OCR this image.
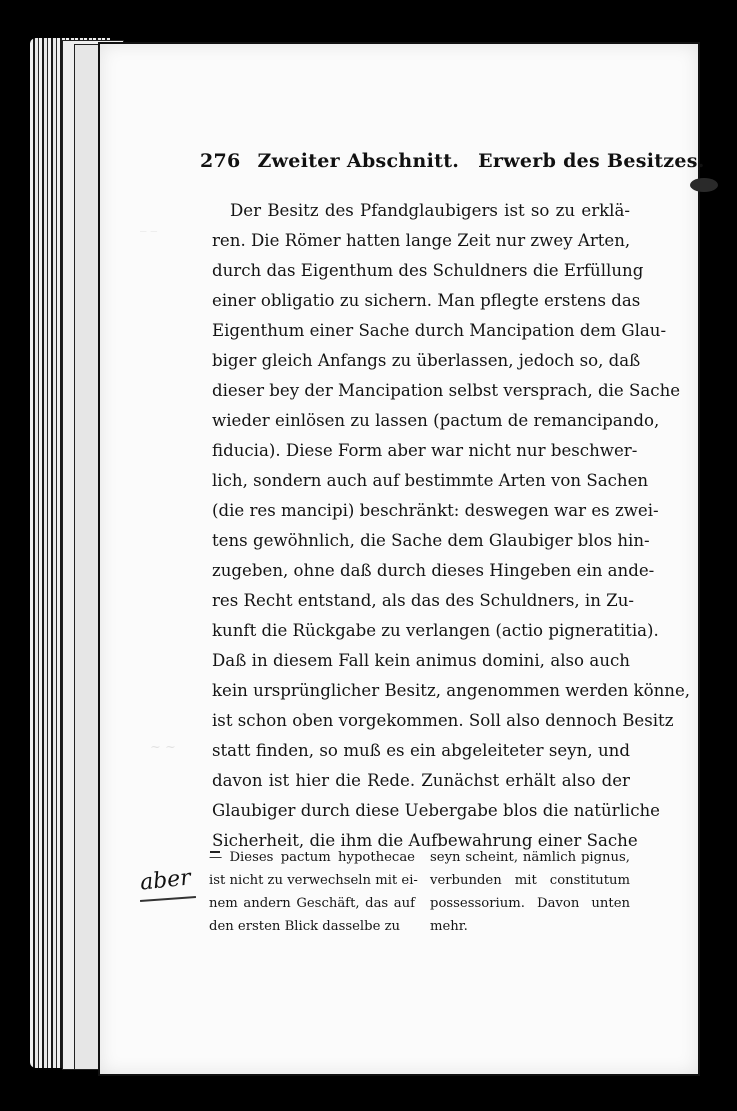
‾ ‾
~ ~
276 Zweiter Abschnitt. Erwerb des Besitzes.
Der Besitz des Pfandglaubigers ist so zu erklä-
ren. Die Römer hatten lange Zeit nur zwey Arten,
durch das Eigenthum des Schuldners die Erfüllung
einer obligatio zu sichern. Man pflegte erstens das
Eigenthum einer Sache durch Mancipation dem Glau-
biger gleich Anfangs zu überlassen, jedoch so, daß
dieser bey der Mancipation selbst versprach, die Sache
wieder einlösen zu lassen (pactum de remancipando,
fiducia). Diese Form aber war nicht nur beschwer-
lich, sondern auch auf bestimmte Arten von Sachen
(die res mancipi) beschränkt: deswegen war es zwei-
tens gewöhnlich, die Sache dem Glaubiger blos hin-
zugeben, ohne daß durch dieses Hingeben ein ande-
res Recht entstand, als das des Schuldners, in Zu-
kunft die Rückgabe zu verlangen (actio pigneratitia).
Daß in diesem Fall kein animus domini, also auch
kein ursprünglicher Besitz, angenommen werden könne,
ist schon oben vorgekommen. Soll also dennoch Besitz
statt finden, so muß es ein abgeleiteter seyn, und
davon ist hier die Rede. Zunächst erhält also der
Glaubiger durch diese Uebergabe blos die natürliche
Sicherheit, die ihm die Aufbewahrung einer Sache
— Dieses pactum hypothecae
ist nicht zu verwechseln mit ei-
nem andern Geschäft, das auf
den ersten Blick dasselbe zu
seyn scheint, nämlich pignus,
verbunden mit constitutum
possessorium. Davon unten
mehr.
aber
